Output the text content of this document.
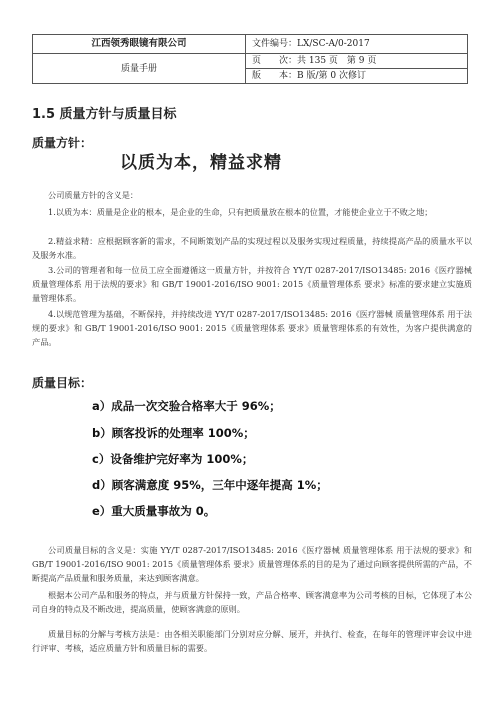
江西领秀眼镜有限公司	文件编号：LX/SC-A/0-2017
质量手册	页　　次：共 135 页　第 9 页
	版　　本：B 版/第 0 次修订
1.5 质量方针与质量目标
质量方针：
以质为本，精益求精
公司质量方针的含义是：
1.以质为本：质量是企业的根本，是企业的生命，只有把质量放在根本的位置，才能使企业立于不败之地；
2.精益求精：应根据顾客新的需求，不间断策划产品的实现过程以及服务实现过程质量，持续提高产品的质量水平以及服务水准。
3.公司的管理者和每一位员工应全面遵循这一质量方针，并按符合 YY/T 0287-2017/ISO13485: 2016《医疗器械 质量管理体系 用于法规的要求》和 GB/T 19001-2016/ISO 9001: 2015《质量管理体系 要求》标准的要求建立实施质量管理体系。
4.以规范管理为基础，不断保持，并持续改进 YY/T 0287-2017/ISO13485: 2016《医疗器械 质量管理体系 用于法规的要求》和 GB/T 19001-2016/ISO 9001: 2015《质量管理体系 要求》质量管理体系的有效性，为客户提供满意的产品。
质量目标：
a）成品一次交验合格率大于 96%；
b）顾客投诉的处理率 100%；
c）设备维护完好率为 100%；
d）顾客满意度 95%，三年中逐年提高 1%；
e）重大质量事故为 0。
公司质量目标的含义是：实施 YY/T 0287-2017/ISO13485: 2016《医疗器械 质量管理体系 用于法规的要求》和 GB/T 19001-2016/ISO 9001: 2015《质量管理体系 要求》质量管理体系的目的是为了通过向顾客提供所需的产品，不断提高产品质量和服务质量，来达到顾客满意。
根据本公司产品和服务的特点，并与质量方针保持一致，产品合格率、顾客满意率为公司考核的目标，它体现了本公司自身的特点及不断改进，提高质量，使顾客满意的原则。
质量目标的分解与考核方法是：由各相关职能部门分别对应分解、展开，并执行、检查，在每年的管理评审会议中进行评审、考核，适应质量方针和质量目标的需要。
